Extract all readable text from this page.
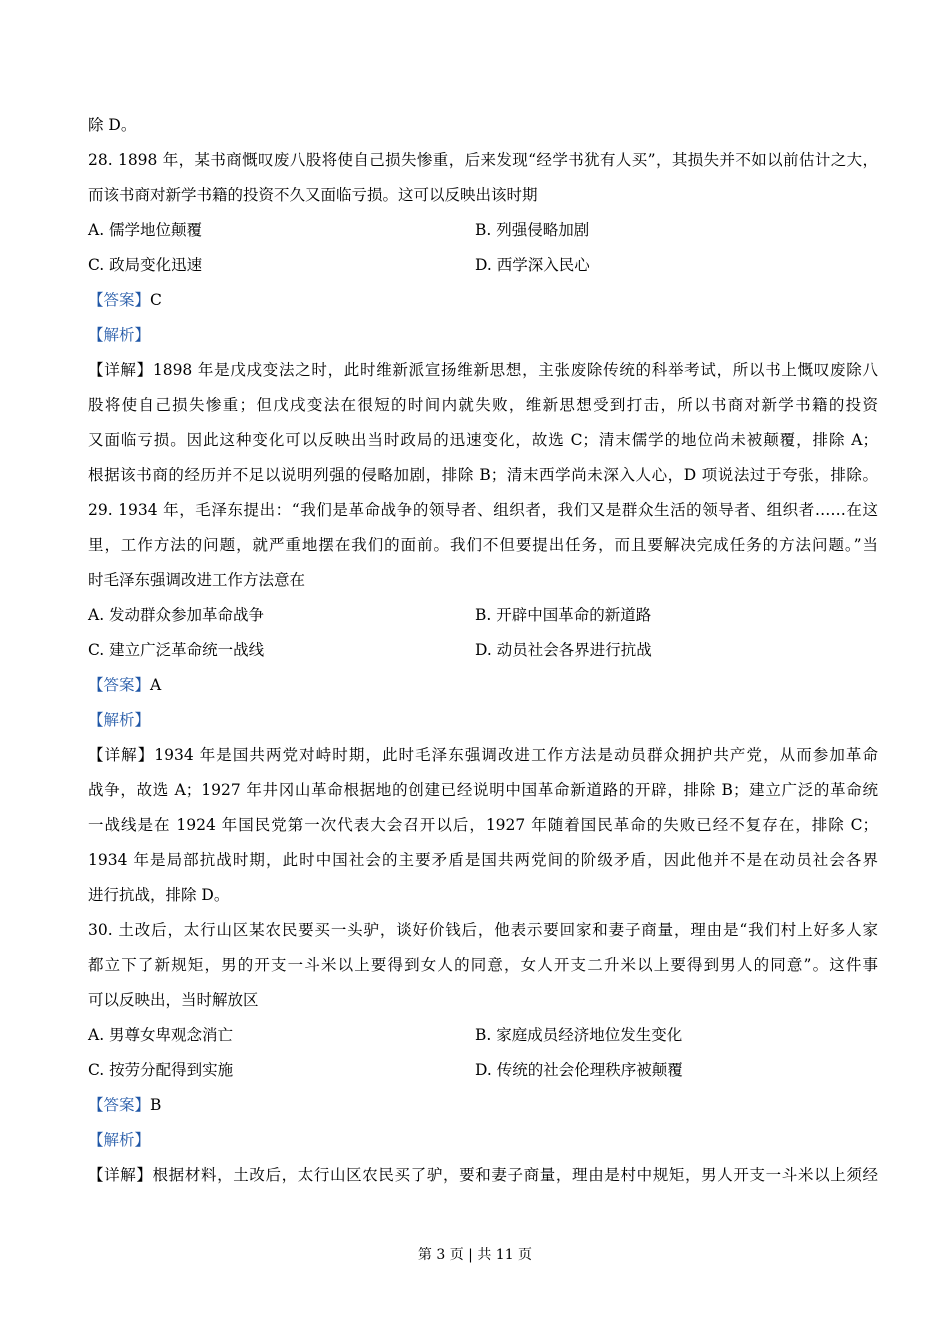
除 D。
28. 1898 年，某书商慨叹废八股将使自己损失惨重，后来发现“经学书犹有人买”，其损失并不如以前估计之大，
而该书商对新学书籍的投资不久又面临亏损。这可以反映出该时期
A. 儒学地位颠覆	B. 列强侵略加剧
C. 政局变化迅速	D. 西学深入民心
【答案】C
【解析】
【详解】1898 年是戊戌变法之时，此时维新派宣扬维新思想，主张废除传统的科举考试，所以书上慨叹废除八
股将使自己损失惨重；但戊戌变法在很短的时间内就失败，维新思想受到打击，所以书商对新学书籍的投资
又面临亏损。因此这种变化可以反映出当时政局的迅速变化，故选 C；清末儒学的地位尚未被颠覆，排除 A；
根据该书商的经历并不足以说明列强的侵略加剧，排除 B；清末西学尚未深入人心，D 项说法过于夸张，排除。
29. 1934 年，毛泽东提出：“我们是革命战争的领导者、组织者，我们又是群众生活的领导者、组织者……在这
里，工作方法的问题，就严重地摆在我们的面前。我们不但要提出任务，而且要解决完成任务的方法问题。”当
时毛泽东强调改进工作方法意在
A. 发动群众参加革命战争	B. 开辟中国革命的新道路
C. 建立广泛革命统一战线	D. 动员社会各界进行抗战
【答案】A
【解析】
【详解】1934 年是国共两党对峙时期，此时毛泽东强调改进工作方法是动员群众拥护共产党，从而参加革命
战争，故选 A；1927 年井冈山革命根据地的创建已经说明中国革命新道路的开辟，排除 B；建立广泛的革命统
一战线是在 1924 年国民党第一次代表大会召开以后，1927 年随着国民革命的失败已经不复存在，排除 C；
1934 年是局部抗战时期，此时中国社会的主要矛盾是国共两党间的阶级矛盾，因此他并不是在动员社会各界
进行抗战，排除 D。
30. 土改后，太行山区某农民要买一头驴，谈好价钱后，他表示要回家和妻子商量，理由是“我们村上好多人家
都立下了新规矩，男的开支一斗米以上要得到女人的同意，女人开支二升米以上要得到男人的同意”。这件事
可以反映出，当时解放区
A. 男尊女卑观念消亡	B. 家庭成员经济地位发生变化
C. 按劳分配得到实施	D. 传统的社会伦理秩序被颠覆
【答案】B
【解析】
【详解】根据材料，土改后，太行山区农民买了驴，要和妻子商量，理由是村中规矩，男人开支一斗米以上须经
第 3 页 | 共 11 页
